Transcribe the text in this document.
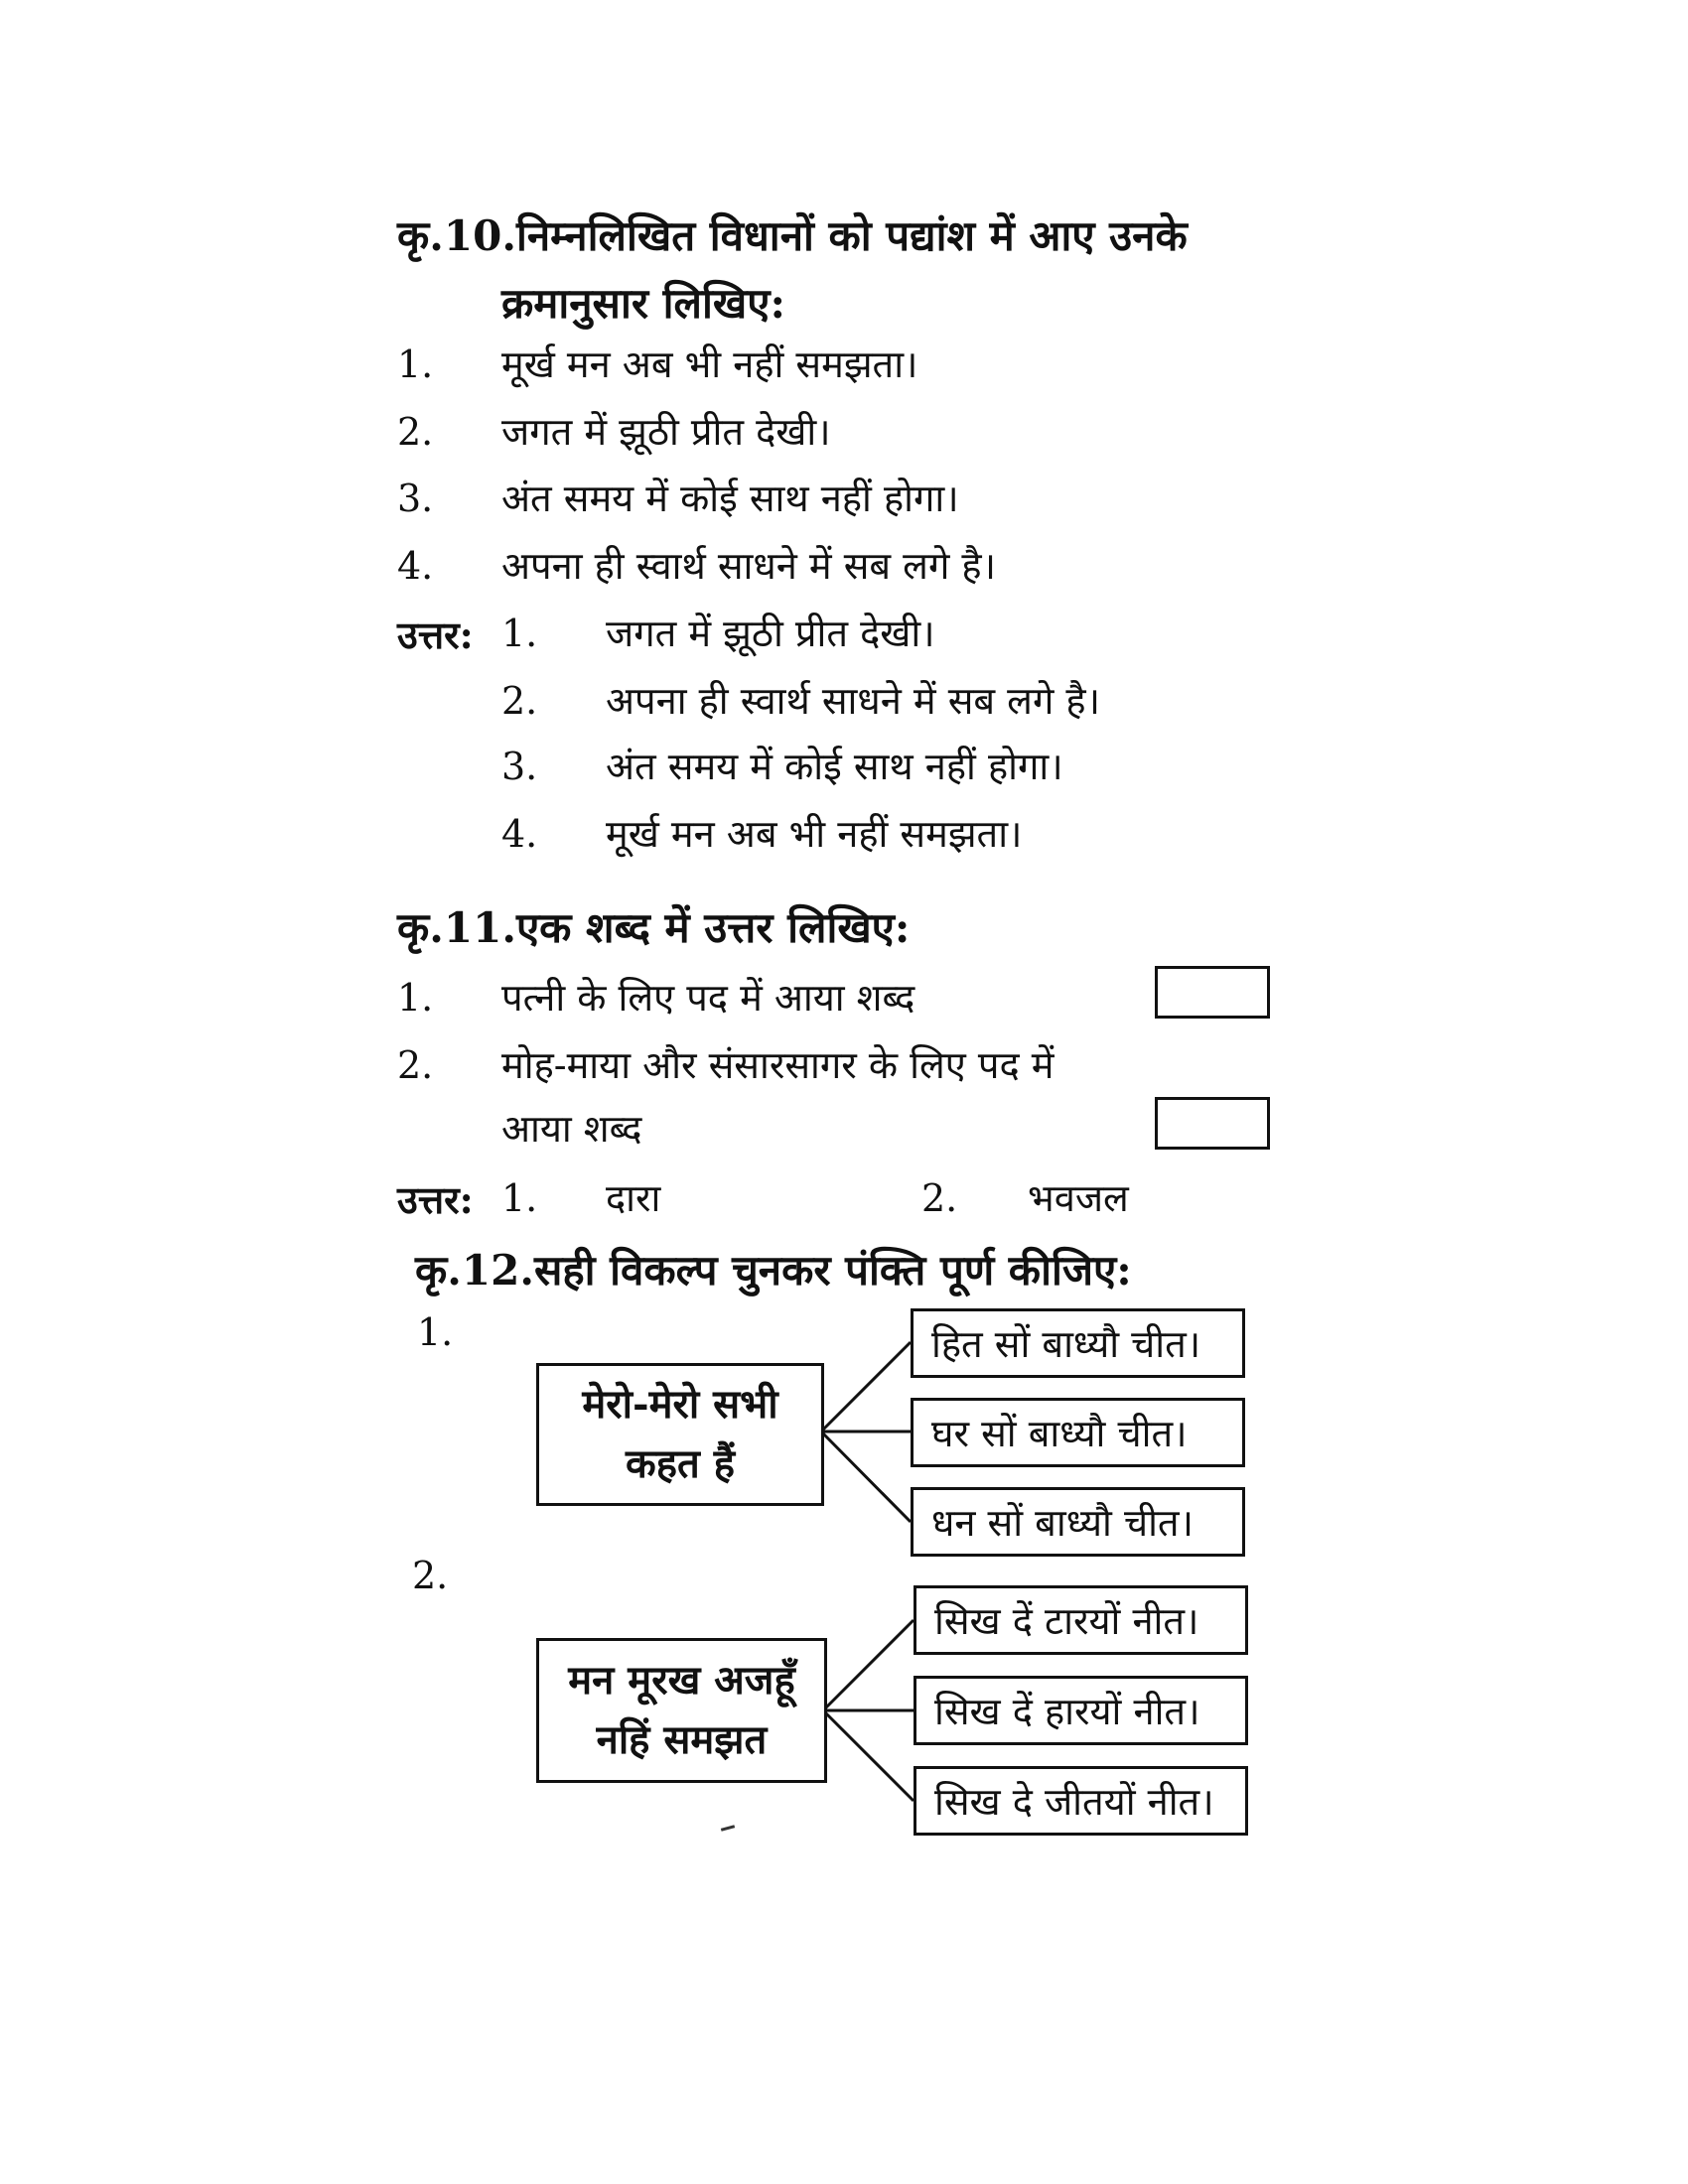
कृ.10.निम्नलिखित विधानों को पद्यांश में आए उनके
क्रमानुसार लिखिए:
1. मूर्ख मन अब भी नहीं समझता।
2. जगत में झूठी प्रीत देखी।
3. अंत समय में कोई साथ नहीं होगा।
4. अपना ही स्वार्थ साधने में सब लगे है।
उत्तर: 1. जगत में झूठी प्रीत देखी।
2. अपना ही स्वार्थ साधने में सब लगे है।
3. अंत समय में कोई साथ नहीं होगा।
4. मूर्ख मन अब भी नहीं समझता।
कृ.11.एक शब्द में उत्तर लिखिए:
1. पत्नी के लिए पद में आया शब्द
2. मोह-माया और संसारसागर के लिए पद में
आया शब्द
उत्तर: 1. दारा	2. भवजल
कृ.12.सही विकल्प चुनकर पंक्ति पूर्ण कीजिए:
1.
मेरो-मेरो सभी
कहत हैं
हित सों बाध्यौ चीत।
घर सों बाध्यौ चीत।
धन सों बाध्यौ चीत।
2.
मन मूरख अजहूँ
नहिं समझत
सिख दें टारयों नीत।
सिख दें हारयों नीत।
सिख दे जीतयों नीत।
